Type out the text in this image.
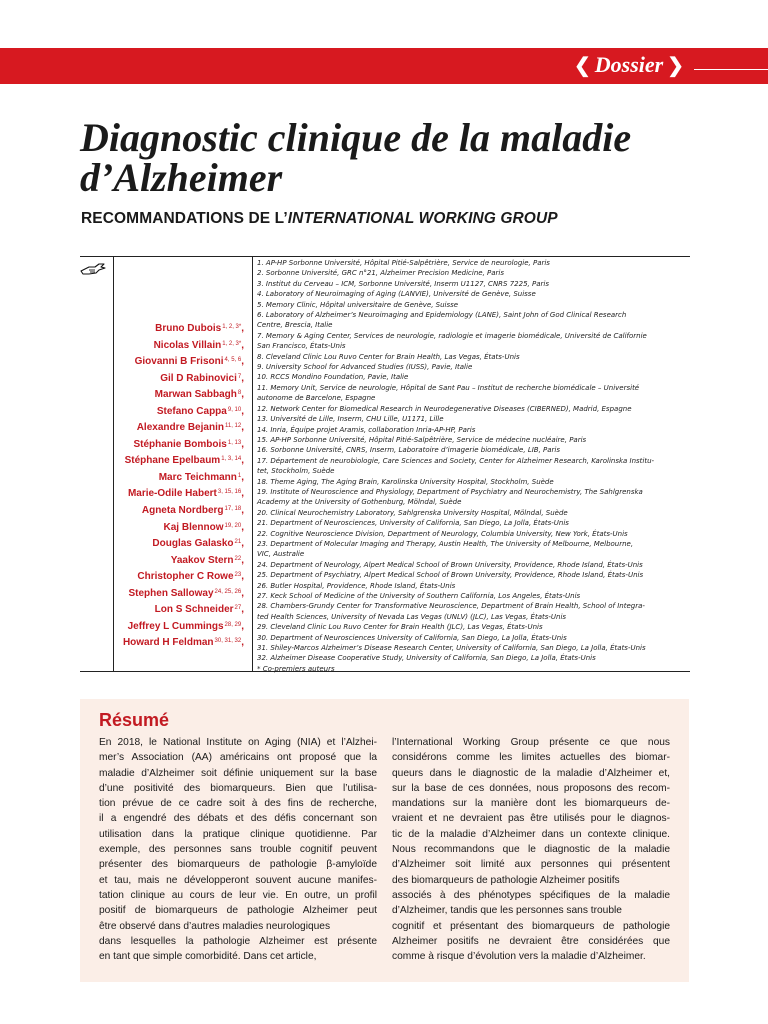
❮ Dossier ❯
Diagnostic clinique de la maladie
d’Alzheimer
RECOMMANDATIONS DE L’INTERNATIONAL WORKING GROUP
Bruno Dubois$^{1, 2, 3*}$,
Nicolas Villain$^{1, 2, 3*}$,
Giovanni B Frisoni$^{4, 5, 6}$,
Gil D Rabinovici$^7$,
Marwan Sabbagh$^8$,
Stefano Cappa$^{9, 10}$,
Alexandre Bejanin$^{11, 12}$,
Stéphanie Bombois$^{1, 13}$,
Stéphane Epelbaum$^{1, 3, 14}$,
Marc Teichmann$^1$,
Marie-Odile Habert$^{3, 15, 16}$,
Agneta Nordberg$^{17, 18}$,
Kaj Blennow$^{19, 20}$,
Douglas Galasko$^{21}$,
Yaakov Stern$^{22}$,
Christopher C Rowe$^{23}$,
Stephen Salloway$^{24, 25, 26}$,
Lon S Schneider$^{27}$,
Jeffrey L Cummings$^{28, 29}$,
Howard H Feldman$^{30, 31, 32}$,
1. AP-HP Sorbonne Université, Hôpital Pitié-Salpêtrière, Service de neurologie, Paris
2. Sorbonne Université, GRC n°21, Alzheimer Precision Medicine, Paris
3. Institut du Cerveau – ICM, Sorbonne Université, Inserm U1127, CNRS 7225, Paris
4. Laboratory of Neuroimaging of Aging (LANVIE), Université de Genève, Suisse
5. Memory Clinic, Hôpital universitaire de Genève, Suisse
6. Laboratory of Alzheimer’s Neuroimaging and Epidemiology (LANE), Saint John of God Clinical Research
Centre, Brescia, Italie
7. Memory & Aging Center, Services de neurologie, radiologie et imagerie biomédicale, Université de Californie
San Francisco, États-Unis
8. Cleveland Clinic Lou Ruvo Center for Brain Health, Las Vegas, États-Unis
9. University School for Advanced Studies (IUSS), Pavie, Italie
10. RCCS Mondino Foundation, Pavie, Italie
11. Memory Unit, Service de neurologie, Hôpital de Sant Pau – Institut de recherche biomédicale – Université
autonome de Barcelone, Espagne
12. Network Center for Biomedical Research in Neurodegenerative Diseases (CIBERNED), Madrid, Espagne
13. Université de Lille, Inserm, CHU Lille, U1171, Lille
14. Inria, Équipe projet Aramis, collaboration Inria-AP-HP, Paris
15. AP-HP Sorbonne Université, Hôpital Pitié-Salpêtrière, Service de médecine nucléaire, Paris
16. Sorbonne Université, CNRS, Inserm, Laboratoire d’imagerie biomédicale, LIB, Paris
17. Département de neurobiologie, Care Sciences and Society, Center for Alzheimer Research, Karolinska Institu-
tet, Stockholm, Suède
18. Theme Aging, The Aging Brain, Karolinska University Hospital, Stockholm, Suède
19. Institute of Neuroscience and Physiology, Department of Psychiatry and Neurochemistry, The Sahlgrenska
Academy at the University of Gothenburg, Mölndal, Suède
20. Clinical Neurochemistry Laboratory, Sahlgrenska University Hospital, Mölndal, Suède
21. Department of Neurosciences, University of California, San Diego, La Jolla, États-Unis
22. Cognitive Neuroscience Division, Department of Neurology, Columbia University, New York, États-Unis
23. Department of Molecular Imaging and Therapy, Austin Health, The University of Melbourne, Melbourne,
VIC, Australie
24. Department of Neurology, Alpert Medical School of Brown University, Providence, Rhode Island, États-Unis
25. Department of Psychiatry, Alpert Medical School of Brown University, Providence, Rhode Island, États-Unis
26. Butler Hospital, Providence, Rhode Island, États-Unis
27. Keck School of Medicine of the University of Southern California, Los Angeles, États-Unis
28. Chambers-Grundy Center for Transformative Neuroscience, Department of Brain Health, School of Integra-
ted Health Sciences, University of Nevada Las Vegas (UNLV) (JLC), Las Vegas, États-Unis
29. Cleveland Clinic Lou Ruvo Center for Brain Health (JLC), Las Vegas, États-Unis
30. Department of Neurosciences University of California, San Diego, La Jolla, États-Unis
31. Shiley-Marcos Alzheimer’s Disease Research Center, University of California, San Diego, La Jolla, États-Unis
32. Alzheimer Disease Cooperative Study, University of California, San Diego, La Jolla, États-Unis
* Co-premiers auteurs
Résumé
En 2018, le National Institute on Aging (NIA) et l’Alzhei-
mer’s Association (AA) américains ont proposé que la
maladie d’Alzheimer soit définie uniquement sur la base
d’une positivité des biomarqueurs. Bien que l’utilisa-
tion prévue de ce cadre soit à des fins de recherche,
il a engendré des débats et des défis concernant son
utilisation dans la pratique clinique quotidienne. Par
exemple, des personnes sans trouble cognitif peuvent
présenter des biomarqueurs de pathologie β-amyloïde
et tau, mais ne développeront souvent aucune manifes-
tation clinique au cours de leur vie. En outre, un profil
positif de biomarqueurs de pathologie Alzheimer peut
être observé dans d’autres maladies neurologiques
dans lesquelles la pathologie Alzheimer est présente
en tant que simple comorbidité. Dans cet article,
l’International Working Group présente ce que nous
considérons comme les limites actuelles des biomar-
queurs dans le diagnostic de la maladie d’Alzheimer et,
sur la base de ces données, nous proposons des recom-
mandations sur la manière dont les biomarqueurs de-
vraient et ne devraient pas être utilisés pour le diagnos-
tic de la maladie d’Alzheimer dans un contexte clinique.
Nous recommandons que le diagnostic de la maladie
d’Alzheimer soit limité aux personnes qui présentent
des biomarqueurs de pathologie Alzheimer positifs
associés à des phénotypes spécifiques de la maladie
d’Alzheimer, tandis que les personnes sans trouble
cognitif et présentant des biomarqueurs de pathologie
Alzheimer positifs ne devraient être considérées que
comme à risque d’évolution vers la maladie d’Alzheimer.
